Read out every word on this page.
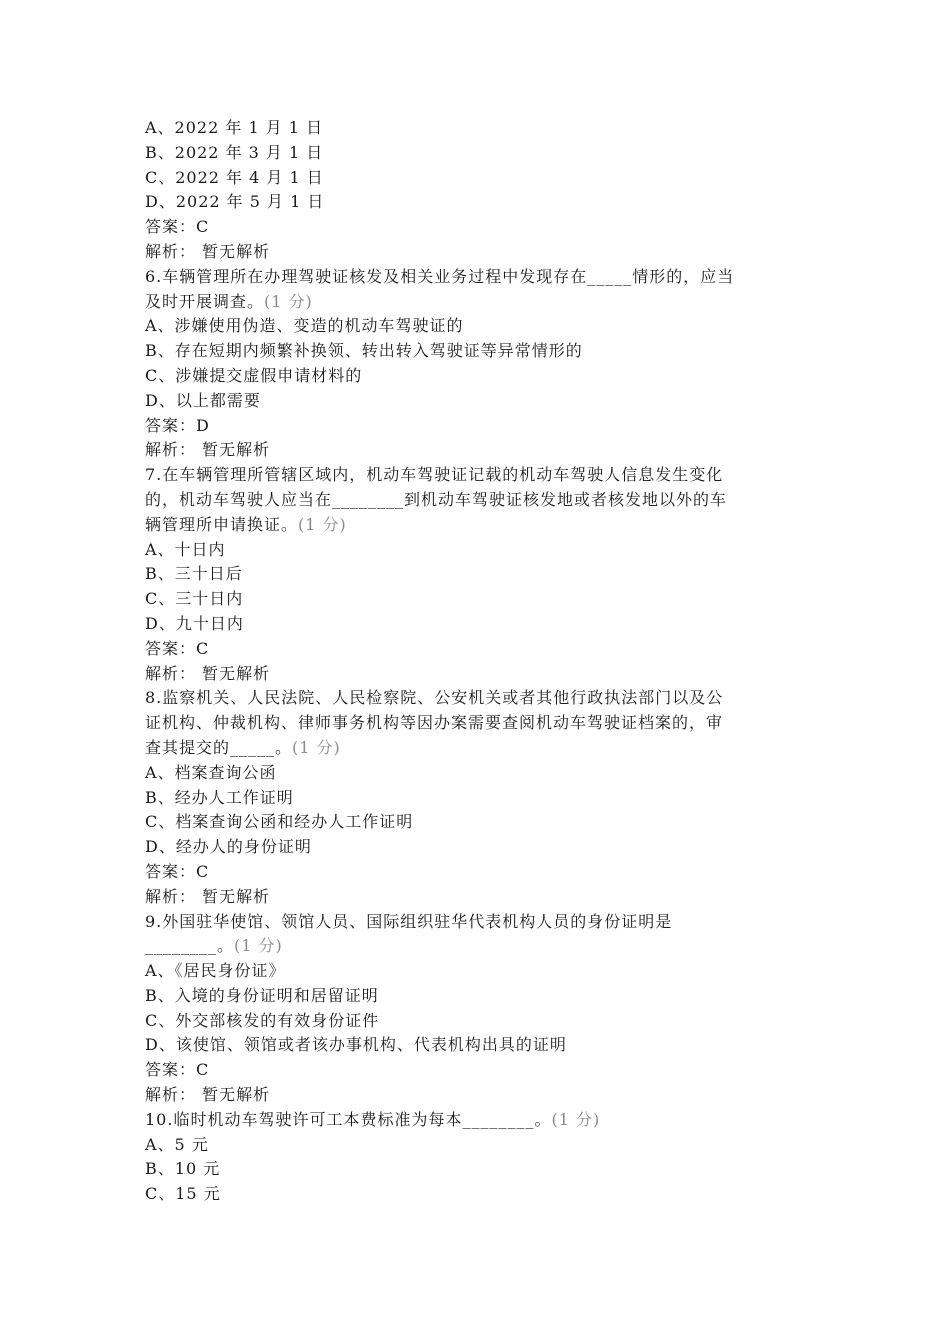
A、2022 年 1 月 1 日
B、2022 年 3 月 1 日
C、2022 年 4 月 1 日
D、2022 年 5 月 1 日
答案：C
解析： 暂无解析
6.车辆管理所在办理驾驶证核发及相关业务过程中发现存在_____情形的，应当
及时开展调查。(1 分)
A、涉嫌使用伪造、变造的机动车驾驶证的
B、存在短期内频繁补换领、转出转入驾驶证等异常情形的
C、涉嫌提交虚假申请材料的
D、以上都需要
答案：D
解析： 暂无解析
7.在车辆管理所管辖区域内，机动车驾驶证记载的机动车驾驶人信息发生变化
的，机动车驾驶人应当在________到机动车驾驶证核发地或者核发地以外的车
辆管理所申请换证。(1 分)
A、十日内
B、三十日后
C、三十日内
D、九十日内
答案：C
解析： 暂无解析
8.监察机关、人民法院、人民检察院、公安机关或者其他行政执法部门以及公
证机构、仲裁机构、律师事务机构等因办案需要查阅机动车驾驶证档案的，审
查其提交的_____。(1 分)
A、档案查询公函
B、经办人工作证明
C、档案查询公函和经办人工作证明
D、经办人的身份证明
答案：C
解析： 暂无解析
9.外国驻华使馆、领馆人员、国际组织驻华代表机构人员的身份证明是
________。(1 分)
A、《居民身份证》
B、入境的身份证明和居留证明
C、外交部核发的有效身份证件
D、该使馆、领馆或者该办事机构、代表机构出具的证明
答案：C
解析： 暂无解析
10.临时机动车驾驶许可工本费标准为每本________。(1 分)
A、5 元
B、10 元
C、15 元
